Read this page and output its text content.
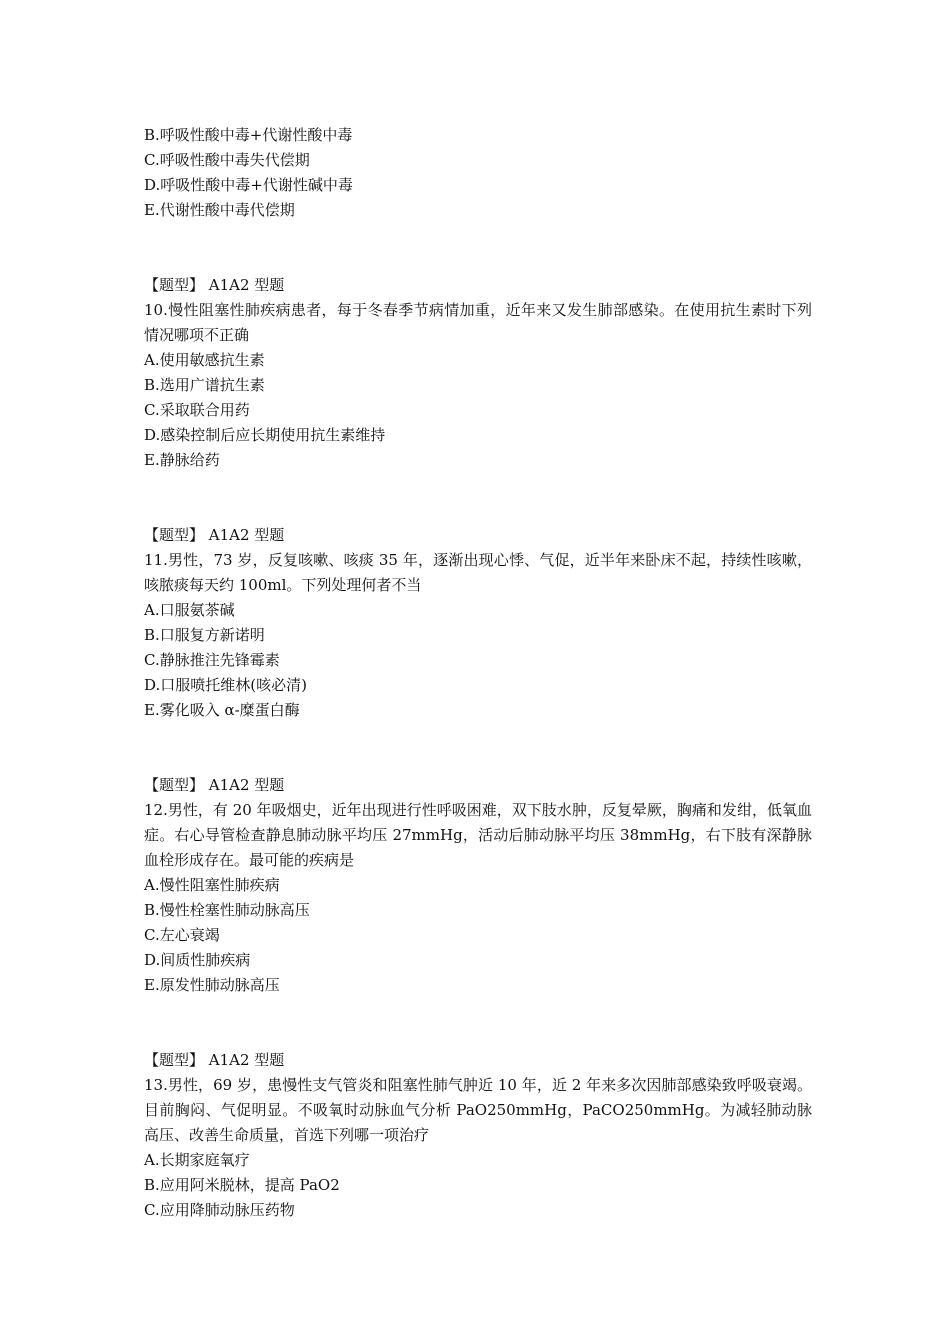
B.呼吸性酸中毒+代谢性酸中毒
C.呼吸性酸中毒失代偿期
D.呼吸性酸中毒+代谢性碱中毒
E.代谢性酸中毒代偿期
【题型】 A1A2 型题
10.慢性阻塞性肺疾病患者，每于冬春季节病情加重，近年来又发生肺部感染。在使用抗生素时下列情况哪项不正确
A.使用敏感抗生素
B.选用广谱抗生素
C.采取联合用药
D.感染控制后应长期使用抗生素维持
E.静脉给药
【题型】 A1A2 型题
11.男性，73 岁，反复咳嗽、咳痰 35 年，逐渐出现心悸、气促，近半年来卧床不起，持续性咳嗽，咳脓痰每天约 100ml。下列处理何者不当
A.口服氨茶碱
B.口服复方新诺明
C.静脉推注先锋霉素
D.口服喷托维林(咳必清)
E.雾化吸入 α-糜蛋白酶
【题型】 A1A2 型题
12.男性，有 20 年吸烟史，近年出现进行性呼吸困难，双下肢水肿，反复晕厥，胸痛和发绀，低氧血症。右心导管检查静息肺动脉平均压 27mmHg，活动后肺动脉平均压 38mmHg，右下肢有深静脉血栓形成存在。最可能的疾病是
A.慢性阻塞性肺疾病
B.慢性栓塞性肺动脉高压
C.左心衰竭
D.间质性肺疾病
E.原发性肺动脉高压
【题型】 A1A2 型题
13.男性，69 岁，患慢性支气管炎和阻塞性肺气肿近 10 年，近 2 年来多次因肺部感染致呼吸衰竭。目前胸闷、气促明显。不吸氧时动脉血气分析 PaO250mmHg，PaCO250mmHg。为减轻肺动脉高压、改善生命质量，首选下列哪一项治疗
A.长期家庭氧疗
B.应用阿米脱林，提高 PaO2
C.应用降肺动脉压药物
